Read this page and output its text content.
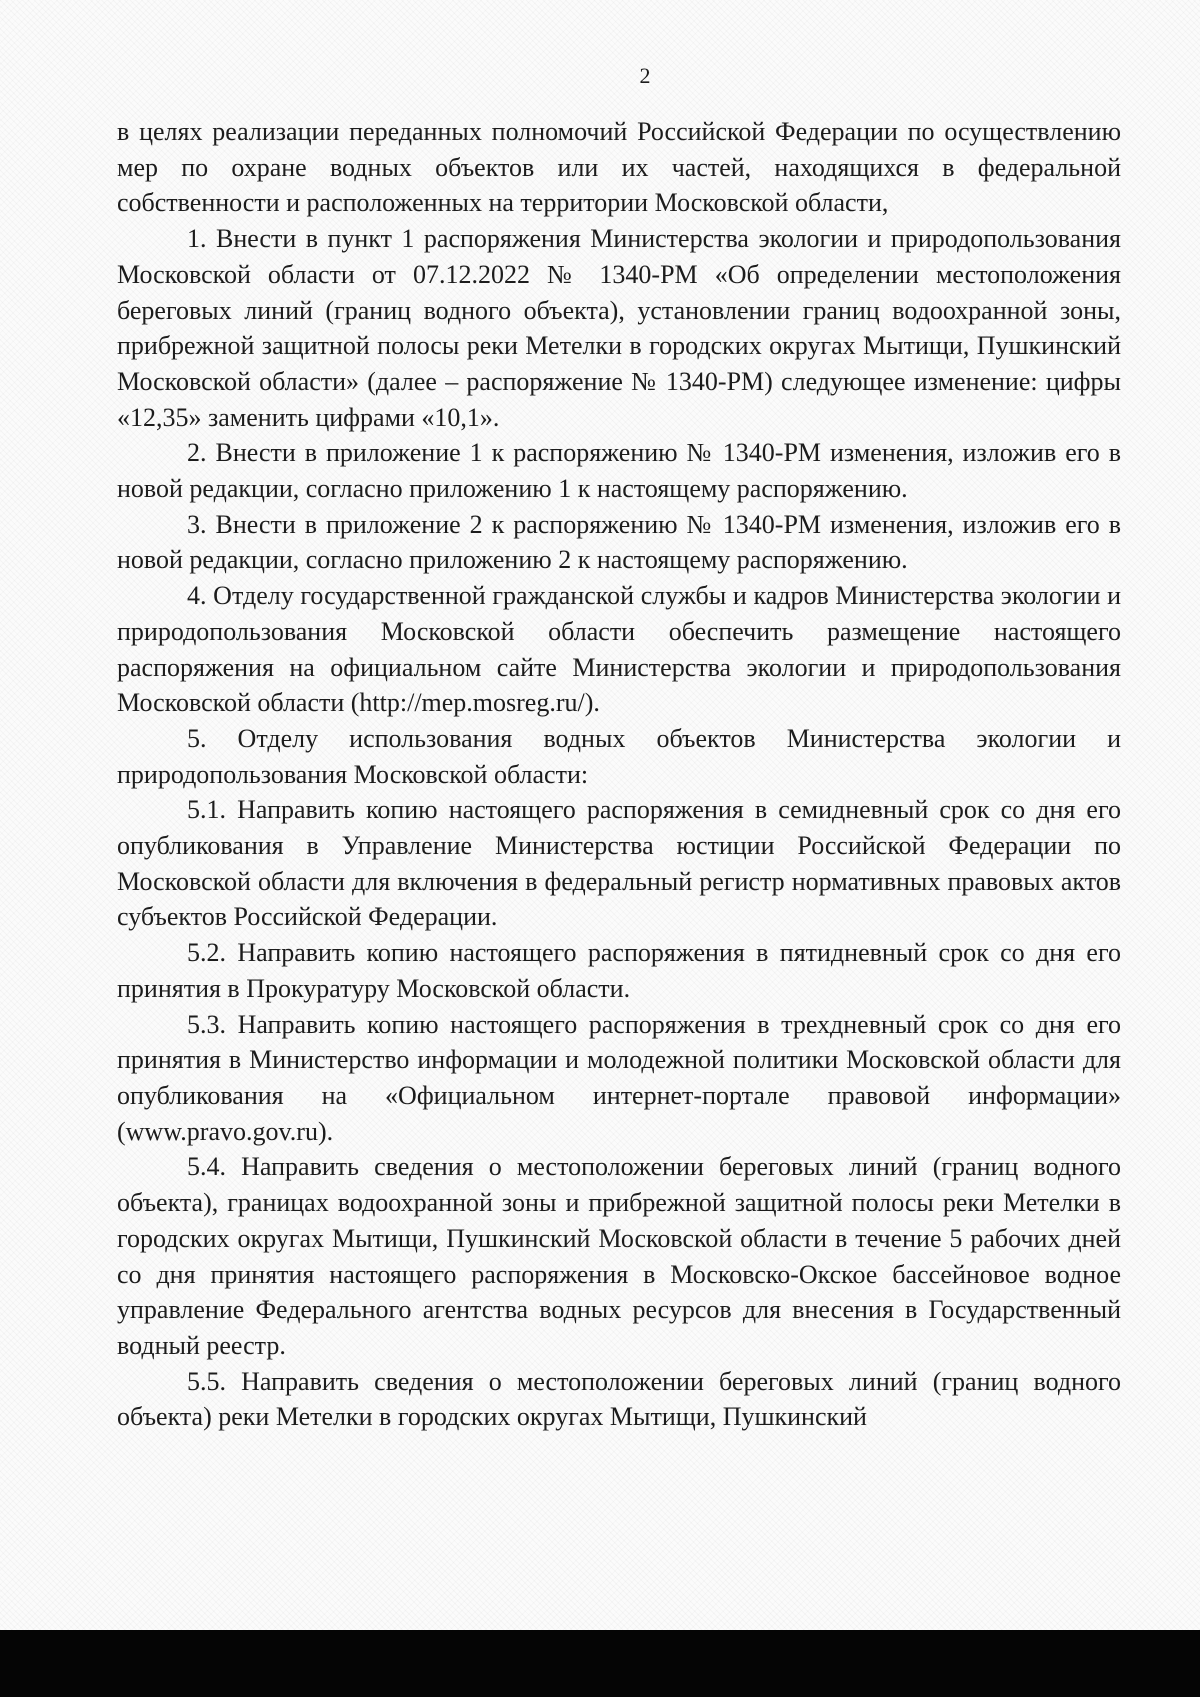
2

в целях реализации переданных полномочий Российской Федерации по осуществлению мер по охране водных объектов или их частей, находящихся в федеральной собственности и расположенных на территории Московской области,

1. Внести в пункт 1 распоряжения Министерства экологии и природопользования Московской области от 07.12.2022 № 1340-РМ «Об определении местоположения береговых линий (границ водного объекта), установлении границ водоохранной зоны, прибрежной защитной полосы реки Метелки в городских округах Мытищи, Пушкинский Московской области» (далее – распоряжение № 1340-РМ) следующее изменение: цифры «12,35» заменить цифрами «10,1».

2. Внести в приложение 1 к распоряжению № 1340-РМ изменения, изложив его в новой редакции, согласно приложению 1 к настоящему распоряжению.

3. Внести в приложение 2 к распоряжению № 1340-РМ изменения, изложив его в новой редакции, согласно приложению 2 к настоящему распоряжению.

4. Отделу государственной гражданской службы и кадров Министерства экологии и природопользования Московской области обеспечить размещение настоящего распоряжения на официальном сайте Министерства экологии и природопользования Московской области (http://mep.mosreg.ru/).

5. Отделу использования водных объектов Министерства экологии и природопользования Московской области:

5.1. Направить копию настоящего распоряжения в семидневный срок со дня его опубликования в Управление Министерства юстиции Российской Федерации по Московской области для включения в федеральный регистр нормативных правовых актов субъектов Российской Федерации.

5.2. Направить копию настоящего распоряжения в пятидневный срок со дня его принятия в Прокуратуру Московской области.

5.3. Направить копию настоящего распоряжения в трехдневный срок со дня его принятия в Министерство информации и молодежной политики Московской области для опубликования на «Официальном интернет-портале правовой информации» (www.pravo.gov.ru).

5.4. Направить сведения о местоположении береговых линий (границ водного объекта), границах водоохранной зоны и прибрежной защитной полосы реки Метелки в городских округах Мытищи, Пушкинский Московской области в течение 5 рабочих дней со дня принятия настоящего распоряжения в Московско-Окское бассейновое водное управление Федерального агентства водных ресурсов для внесения в Государственный водный реестр.

5.5. Направить сведения о местоположении береговых линий (границ водного объекта) реки Метелки в городских округах Мытищи, Пушкинский
